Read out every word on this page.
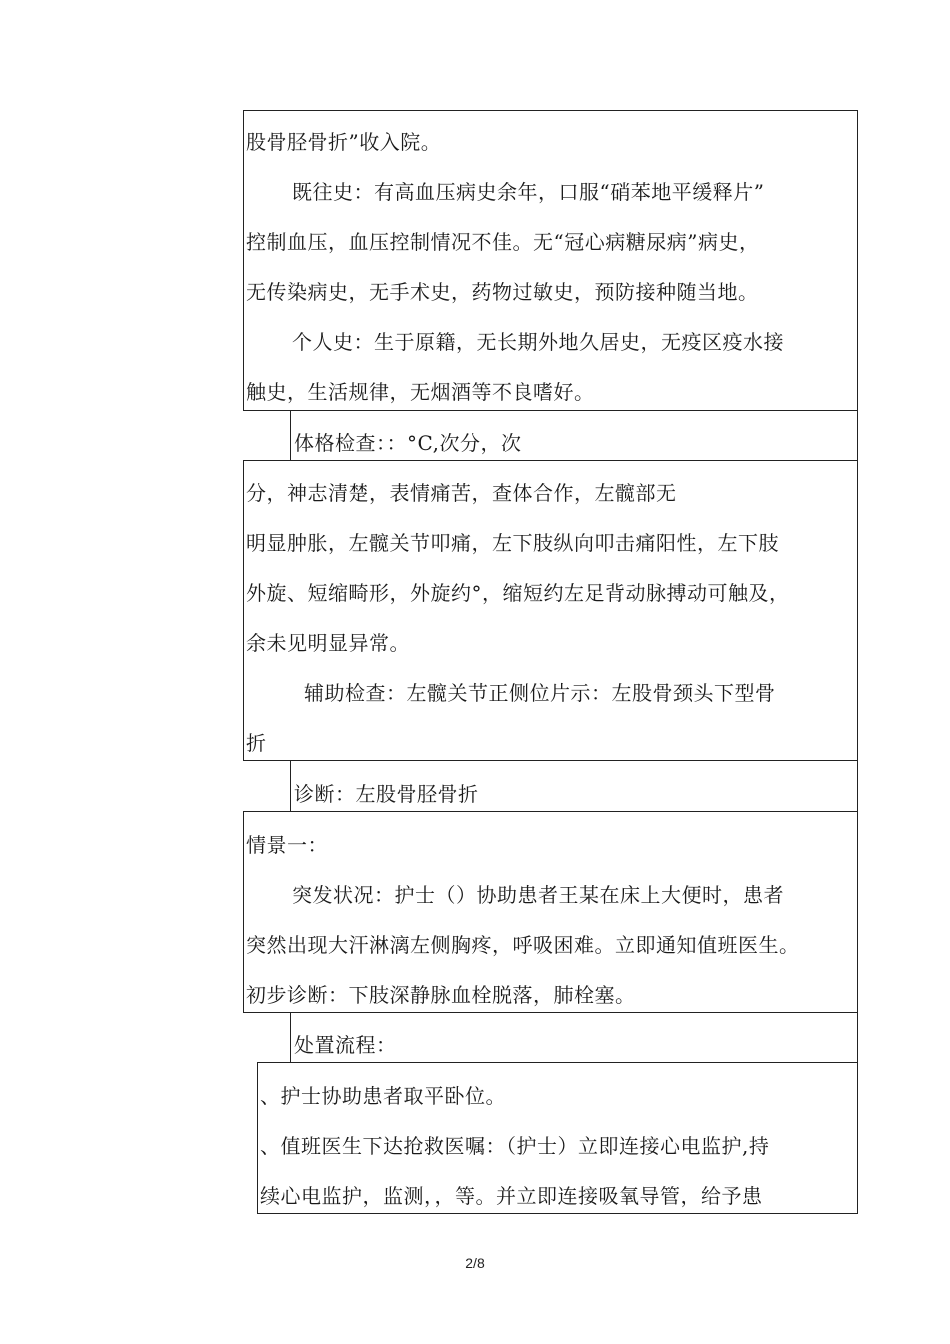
股骨胫骨折”收入院。
既往史：有高血压病史余年，口服“硝苯地平缓释片”
控制血压，血压控制情况不佳。无“冠心病糖尿病”病史，
无传染病史，无手术史，药物过敏史，预防接种随当地。
个人史：生于原籍，无长期外地久居史，无疫区疫水接
触史，生活规律，无烟酒等不良嗜好。
体格检查：：°C,次分，次
分，神志清楚，表情痛苦，查体合作，左髋部无
明显肿胀，左髋关节叩痛，左下肢纵向叩击痛阳性，左下肢
外旋、短缩畸形，外旋约°，缩短约左足背动脉搏动可触及，
余未见明显异常。
辅助检查：左髋关节正侧位片示：左股骨颈头下型骨
折
诊断：左股骨胫骨折
情景一：
突发状况：护士（）协助患者王某在床上大便时，患者
突然出现大汗淋漓左侧胸疼，呼吸困难。立即通知值班医生。
初步诊断：下肢深静脉血栓脱落，肺栓塞。
处置流程：
、护士协助患者取平卧位。
、值班医生下达抢救医嘱：（护士）立即连接心电监护,持
续心电监护，监测，，等。并立即连接吸氧导管，给予患
2/8
